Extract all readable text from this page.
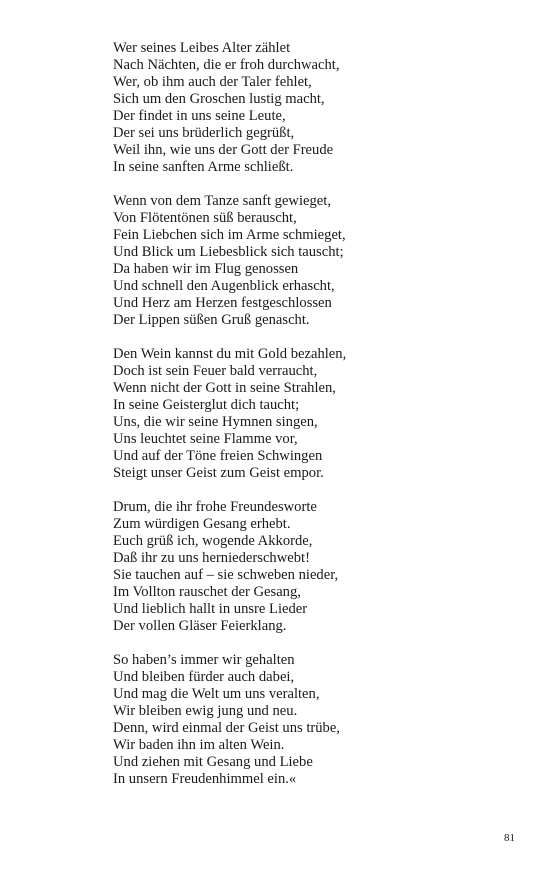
Wer seines Leibes Alter zählet
Nach Nächten, die er froh durchwacht,
Wer, ob ihm auch der Taler fehlet,
Sich um den Groschen lustig macht,
Der findet in uns seine Leute,
Der sei uns brüderlich gegrüßt,
Weil ihn, wie uns der Gott der Freude
In seine sanften Arme schließt.
Wenn von dem Tanze sanft gewieget,
Von Flötentönen süß berauscht,
Fein Liebchen sich im Arme schmieget,
Und Blick um Liebesblick sich tauscht;
Da haben wir im Flug genossen
Und schnell den Augenblick erhascht,
Und Herz am Herzen festgeschlossen
Der Lippen süßen Gruß genascht.
Den Wein kannst du mit Gold bezahlen,
Doch ist sein Feuer bald verraucht,
Wenn nicht der Gott in seine Strahlen,
In seine Geisterglut dich taucht;
Uns, die wir seine Hymnen singen,
Uns leuchtet seine Flamme vor,
Und auf der Töne freien Schwingen
Steigt unser Geist zum Geist empor.
Drum, die ihr frohe Freundesworte
Zum würdigen Gesang erhebt.
Euch grüß ich, wogende Akkorde,
Daß ihr zu uns herniederschwebt!
Sie tauchen auf – sie schweben nieder,
Im Vollton rauschet der Gesang,
Und lieblich hallt in unsre Lieder
Der vollen Gläser Feierklang.
So haben’s immer wir gehalten
Und bleiben fürder auch dabei,
Und mag die Welt um uns veralten,
Wir bleiben ewig jung und neu.
Denn, wird einmal der Geist uns trübe,
Wir baden ihn im alten Wein.
Und ziehen mit Gesang und Liebe
In unsern Freudenhimmel ein.«
81
